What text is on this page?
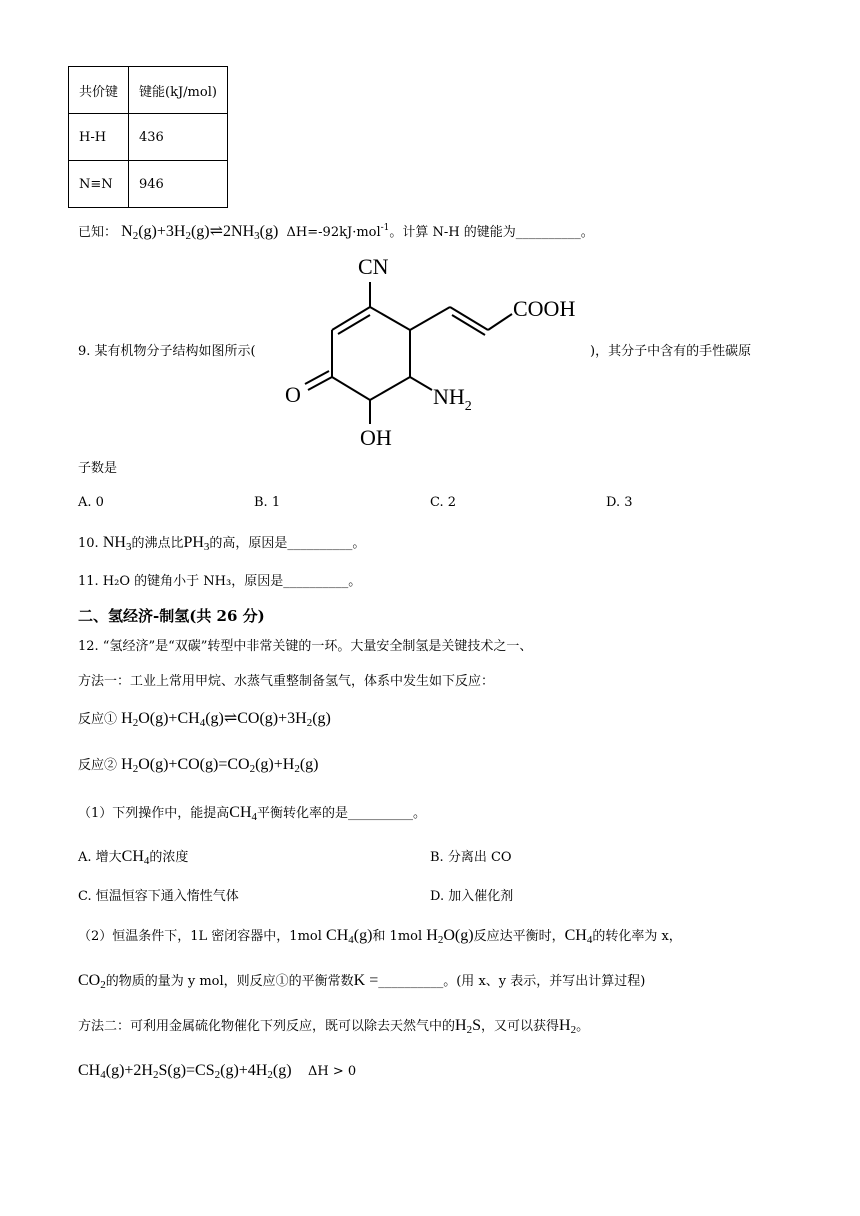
共价键	键能(kJ/mol)
H-H	436
N≡N	946
已知： $N_2(g)+3H_2(g)\rightleftharpoons 2NH_3(g)$ ΔH=-92kJ·mol$^{-1}$。计算 N-H 的键能为__________。
9. 某有机物分子结构如图所示(	)，其分子中含有的手性碳原
CN
COOH
O	$NH_2$
OH
子数是
A. 0	B. 1	C. 2	D. 3
10. $NH_3$的沸点比$PH_3$的高，原因是__________。
11. H₂O 的键角小于 NH₃，原因是__________。
二、氢经济-制氢(共 26 分)
12. “氢经济”是“双碳”转型中非常关键的一环。大量安全制氢是关键技术之一、
方法一：工业上常用甲烷、水蒸气重整制备氢气，体系中发生如下反应：
反应① $H_2O(g)+CH_4(g)\rightleftharpoons CO(g)+3H_2(g)$
反应② $H_2O(g)+CO(g)=CO_2(g)+H_2(g)$
（1）下列操作中，能提高$CH_4$平衡转化率的是__________。
A. 增大$CH_4$的浓度	B. 分离出 CO
C. 恒温恒容下通入惰性气体	D. 加入催化剂
（2）恒温条件下，1L 密闭容器中，1mol $CH_4(g)$和 1mol $H_2O(g)$反应达平衡时，$CH_4$的转化率为 x，
$CO_2$的物质的量为 y mol，则反应①的平衡常数K =__________。(用 x、y 表示，并写出计算过程)
方法二：可利用金属硫化物催化下列反应，既可以除去天然气中的$H_2S$，又可以获得$H_2$。
$CH_4(g)+2H_2S(g)=CS_2(g)+4H_2(g) \Delta H > 0$
